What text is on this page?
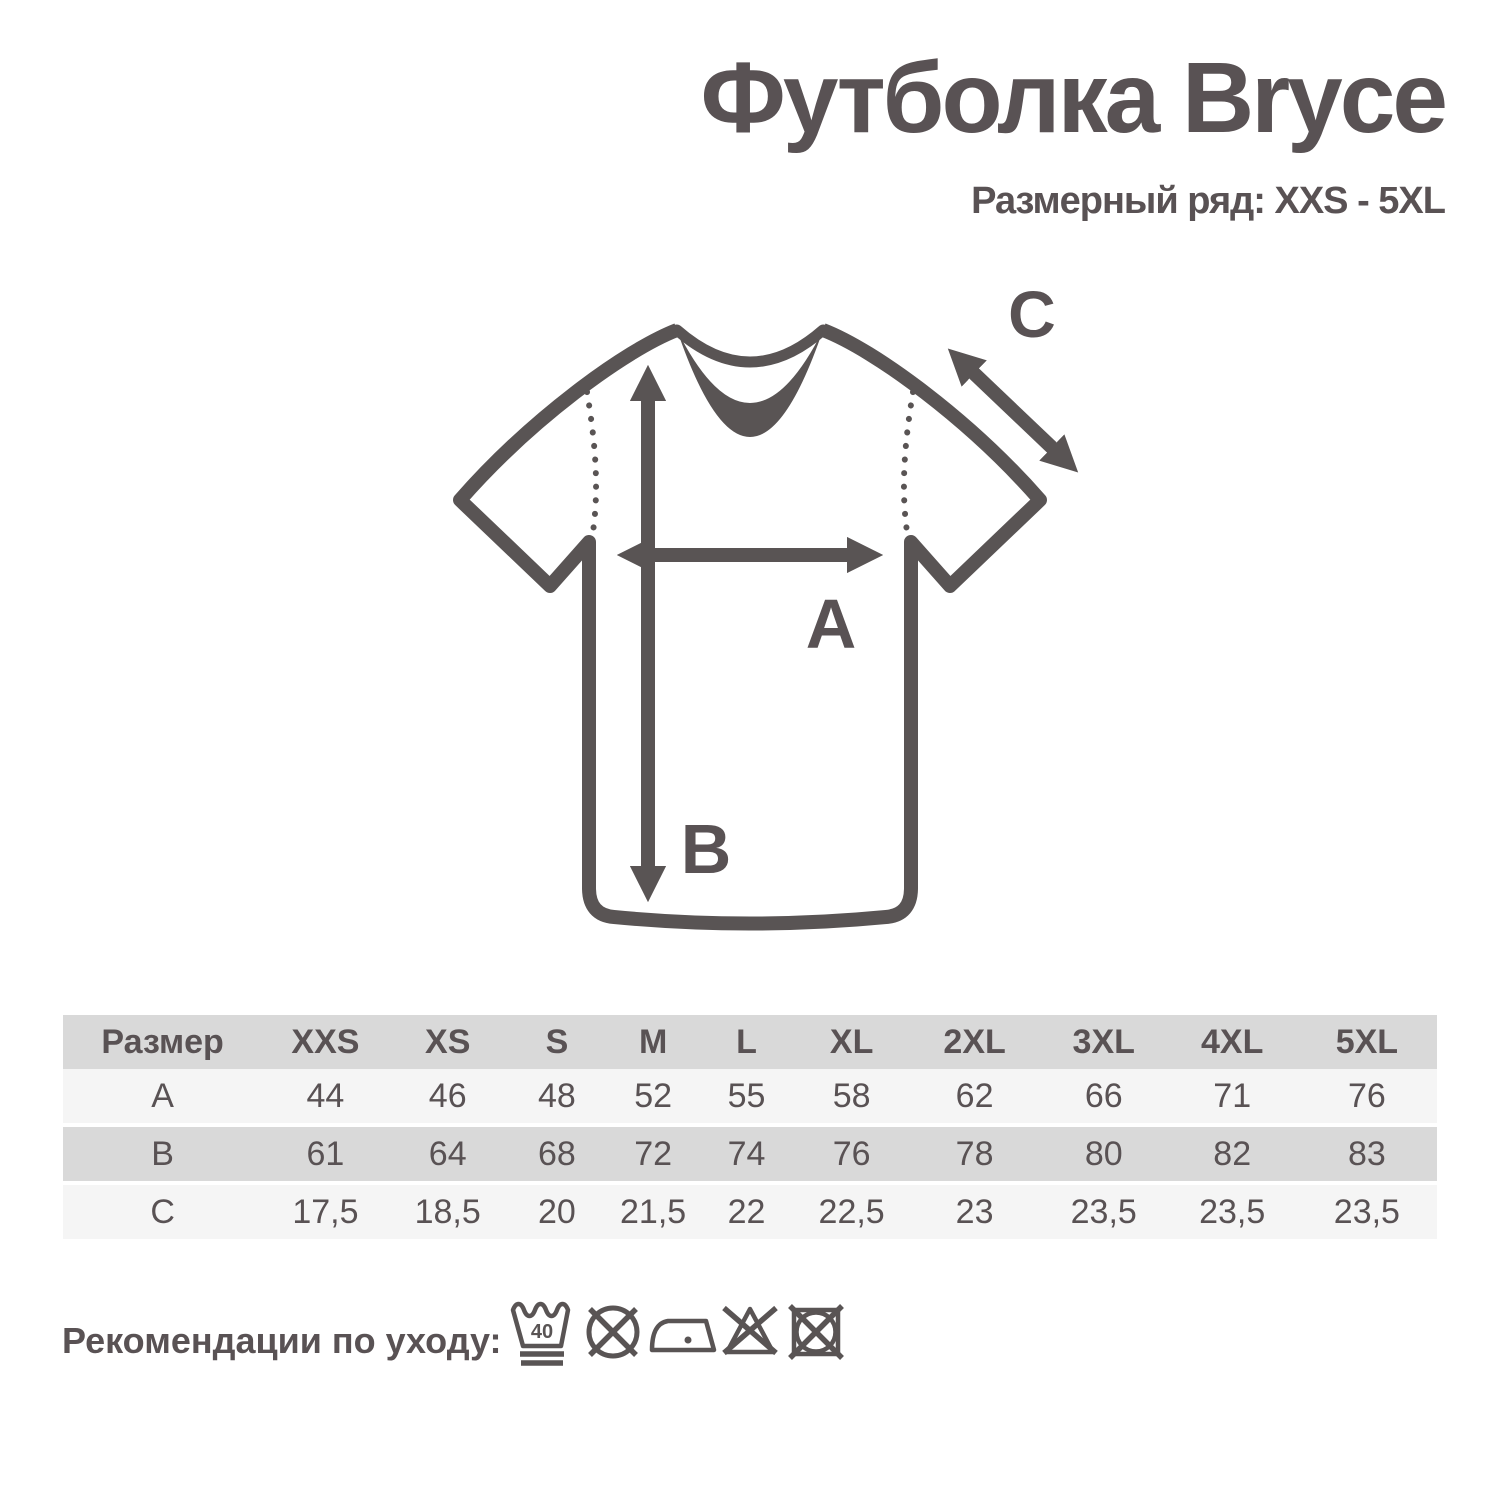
Футболка Bryce
Размерный ряд: XXS - 5XL
A
B
C
Размер	XXS	XS	S	M	L	XL	2XL	3XL	4XL	5XL
A	44	46	48	52	55	58	62	66	71	76
B	61	64	68	72	74	76	78	80	82	83
C	17,5	18,5	20	21,5	22	22,5	23	23,5	23,5	23,5
Рекомендации по уходу: 40
